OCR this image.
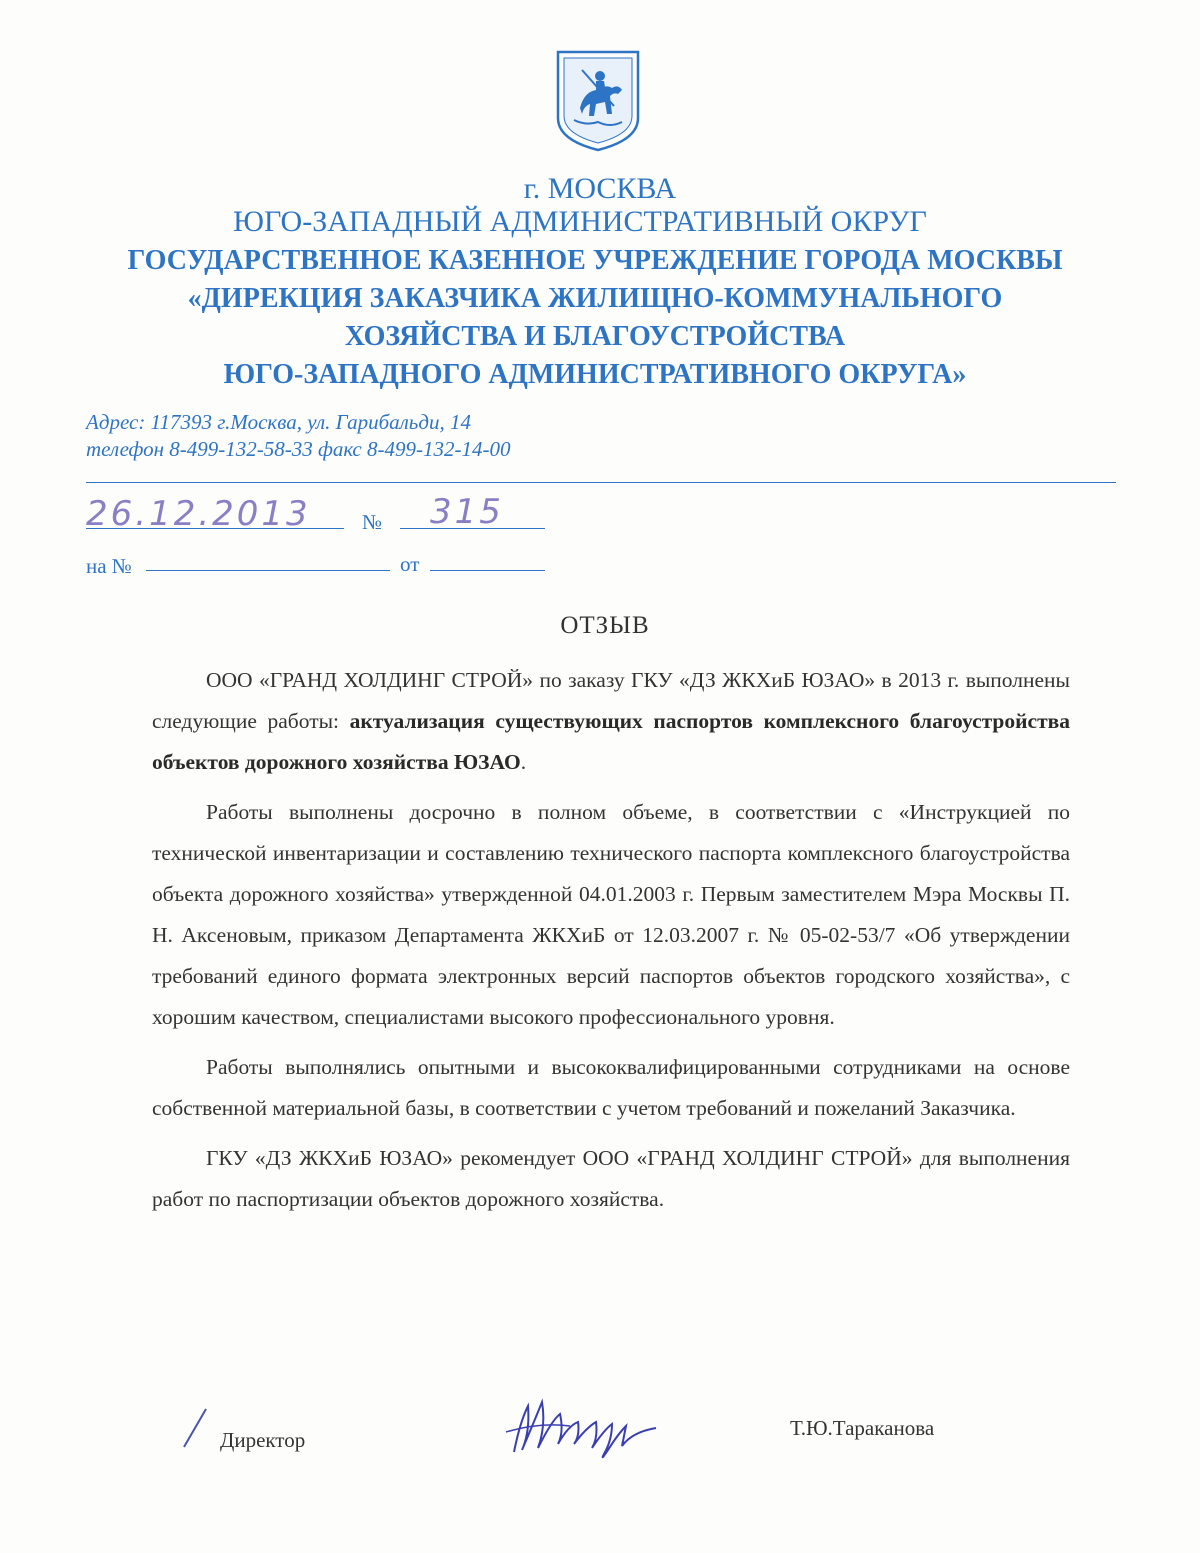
г. МОСКВА
ЮГО-ЗАПАДНЫЙ АДМИНИСТРАТИВНЫЙ ОКРУГ
ГОСУДАРСТВЕННОЕ КАЗЕННОЕ УЧРЕЖДЕНИЕ ГОРОДА МОСКВЫ
«ДИРЕКЦИЯ ЗАКАЗЧИКА ЖИЛИЩНО-КОММУНАЛЬНОГО
ХОЗЯЙСТВА И БЛАГОУСТРОЙСТВА
ЮГО-ЗАПАДНОГО АДМИНИСТРАТИВНОГО ОКРУГА»
Адрес: 117393 г.Москва, ул. Гарибальди, 14
телефон 8-499-132-58-33 факс 8-499-132-14-00
26.12.2013 № 315
на №	от
ОТЗЫВ

ООО «ГРАНД ХОЛДИНГ СТРОЙ» по заказу ГКУ «ДЗ ЖКХиБ ЮЗАО» в 2013 г. выполнены следующие работы: актуализация существующих паспортов комплексного благоустройства объектов дорожного хозяйства ЮЗАО.

Работы выполнены досрочно в полном объеме, в соответствии с «Инструкцией по технической инвентаризации и составлению технического паспорта комплексного благоустройства объекта дорожного хозяйства» утвержденной 04.01.2003 г. Первым заместителем Мэра Москвы П. Н. Аксеновым, приказом Департамента ЖКХиБ от 12.03.2007 г. № 05-02-53/7 «Об утверждении требований единого формата электронных версий паспортов объектов городского хозяйства», с хорошим качеством, специалистами высокого профессионального уровня.

Работы выполнялись опытными и высококвалифицированными сотрудниками на основе собственной материальной базы, в соответствии с учетом требований и пожеланий Заказчика.

ГКУ «ДЗ ЖКХиБ ЮЗАО» рекомендует ООО «ГРАНД ХОЛДИНГ СТРОЙ» для выполнения работ по паспортизации объектов дорожного хозяйства.

Директор	Т.Ю.Тараканова
